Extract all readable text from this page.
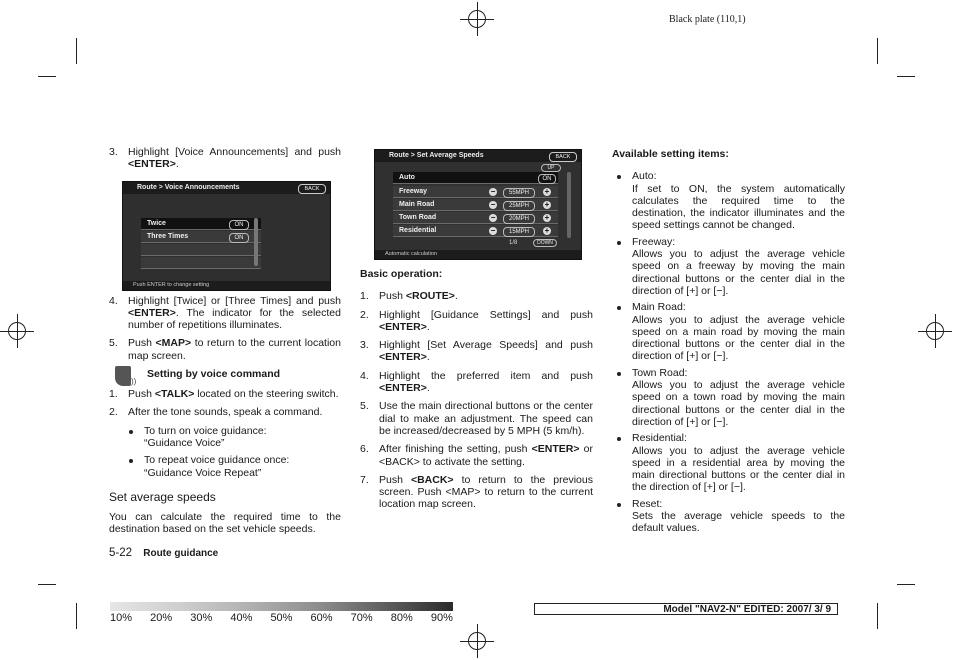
Black plate (110,1)
3. Highlight [Voice Announcements] and push <ENTER>.
Route > Voice Announcements	BACK
Twice	ON
Three Times	ON
Push ENTER to change setting
4. Highlight [Twice] or [Three Times] and push <ENTER>. The indicator for the selected number of repetitions illuminates.
5. Push <MAP> to return to the current location map screen.
))
Setting by voice command
1. Push <TALK> located on the steering switch.
2. After the tone sounds, speak a command.
To turn on voice guidance:
“Guidance Voice”
To repeat voice guidance once:
“Guidance Voice Repeat”
Set average speeds
You can calculate the required time to the destination based on the set vehicle speeds.
5-22 Route guidance
Route > Set Average Speeds	BACK
UP
Auto	ON
Freeway	−	55MPH	+
Main Road	−	25MPH	+
Town Road	−	20MPH	+
Residential	−	15MPH	+
1/8	DOWN
Automatic calculation
Basic operation:
1. Push <ROUTE>.
2. Highlight [Guidance Settings] and push <ENTER>.
3. Highlight [Set Average Speeds] and push <ENTER>.
4. Highlight the preferred item and push <ENTER>.
5. Use the main directional buttons or the center dial to make an adjustment. The speed can be increased/decreased by 5 MPH (5 km/h).
6. After finishing the setting, push <ENTER> or <BACK> to activate the setting.
7. Push <BACK> to return to the previous screen. Push <MAP> to return to the current location map screen.
Available setting items:
Auto:
If set to ON, the system automatically calculates the required time to the destination, the indicator illuminates and the speed settings cannot be changed.
Freeway:
Allows you to adjust the average vehicle speed on a freeway by moving the main directional buttons or the center dial in the direction of [+] or [−].
Main Road:
Allows you to adjust the average vehicle speed on a main road by moving the main directional buttons or the center dial in the direction of [+] or [−].
Town Road:
Allows you to adjust the average vehicle speed on a town road by moving the main directional buttons or the center dial in the direction of [+] or [−].
Residential:
Allows you to adjust the average vehicle speed in a residential area by moving the main directional buttons or the center dial in the direction of [+] or [−].
Reset:
Sets the average vehicle speeds to the default values.
10% 20% 30% 40% 50% 60% 70% 80% 90%
Model "NAV2-N" EDITED: 2007/ 3/ 9
